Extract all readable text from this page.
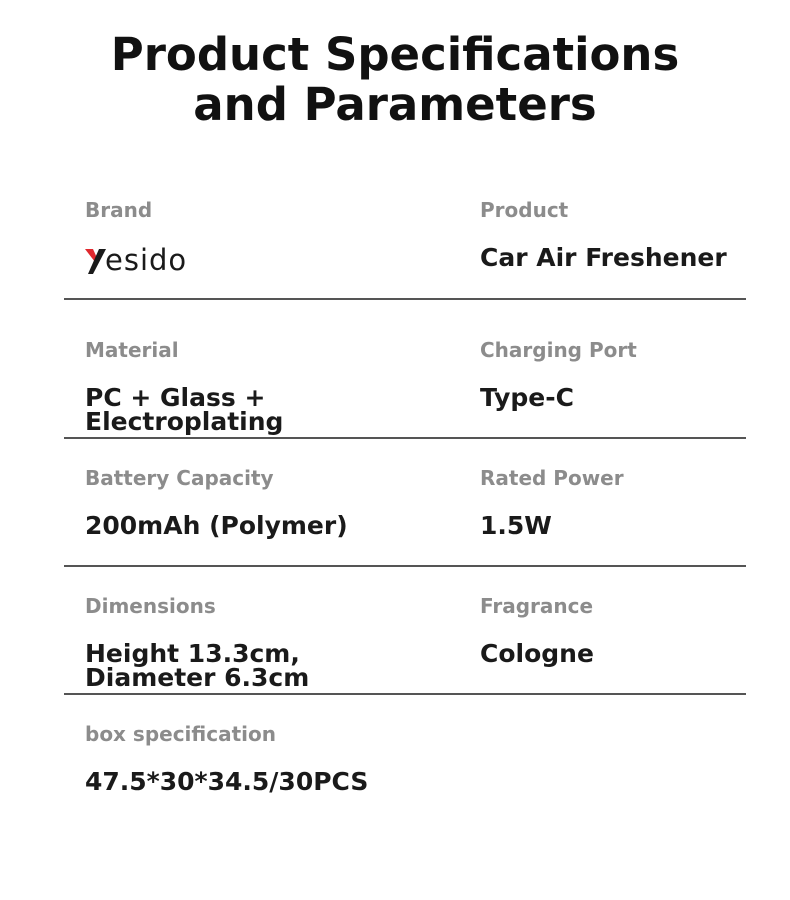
Product Specifications
and Parameters
Brand
esido
Product
Car Air Freshener
Material
PC + Glass + Electroplating
Charging Port
Type-C
Battery Capacity
200mAh (Polymer)
Rated Power
1.5W
Dimensions
Height 13.3cm,
Diameter 6.3cm
Fragrance
Cologne
box specification
47.5*30*34.5/30PCS
